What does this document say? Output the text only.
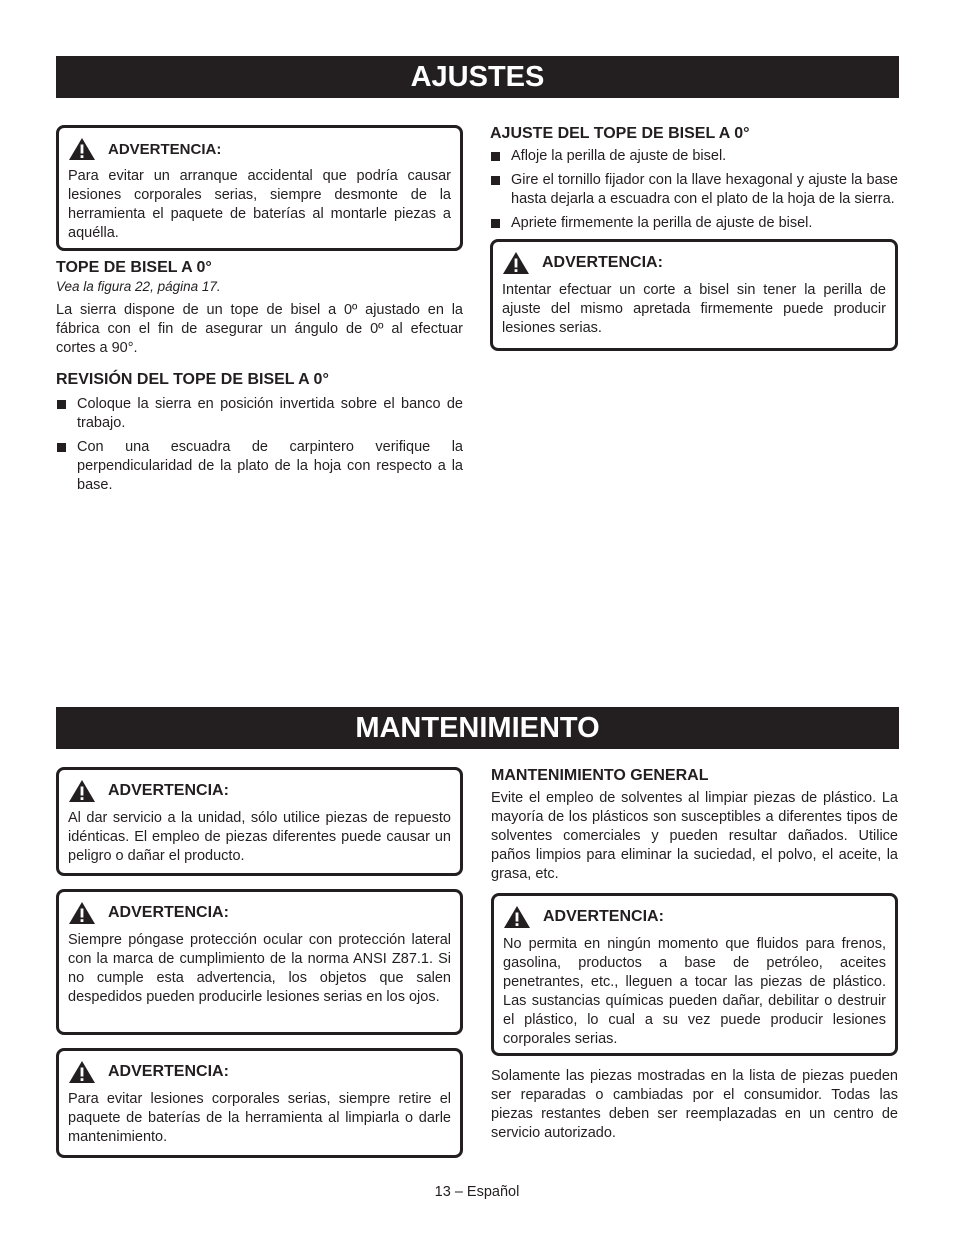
AJUSTES
ADVERTENCIA:

Para evitar un arranque accidental que podría causar lesiones corporales serias, siempre desmonte de la herramienta el paquete de baterías al montarle piezas a aquélla.

TOPE DE BISEL A 0°

Vea la figura 22, página 17.

La sierra dispone de un tope de bisel a 0º ajustado en la fábrica con el fin de asegurar un ángulo de 0º al efectuar cortes a 90°.

REVISIÓN DEL TOPE DE BISEL A 0°
Coloque la sierra en posición invertida sobre el banco de trabajo.
Con una escuadra de carpintero verifique la perpendicularidad de la plato de la hoja con respecto a la base.
AJUSTE DEL TOPE DE BISEL A 0°
Afloje la perilla de ajuste de bisel.
Gire el tornillo fijador con la llave hexagonal y ajuste la base hasta dejarla a escuadra con el plato de la hoja de la sierra.
Apriete firmemente la perilla de ajuste de bisel.
ADVERTENCIA:

Intentar efectuar un corte a bisel sin tener la perilla de ajuste del mismo apretada firmemente puede producir lesiones serias.

MANTENIMIENTO
ADVERTENCIA:

Al dar servicio a la unidad, sólo utilice piezas de repuesto idénticas. El empleo de piezas diferentes puede causar un peligro o dañar el producto.

ADVERTENCIA:

Siempre póngase protección ocular con protección lateral con la marca de cumplimiento de la norma ANSI Z87.1. Si no cumple esta advertencia, los objetos que salen despedidos pueden producirle lesiones serias en los ojos.

ADVERTENCIA:

Para evitar lesiones corporales serias, siempre retire el paquete de baterías de la herramienta al limpiarla o darle mantenimiento.

MANTENIMIENTO GENERAL

Evite el empleo de solventes al limpiar piezas de plástico. La mayoría de los plásticos son susceptibles a diferentes tipos de solventes comerciales y pueden resultar dañados. Utilice paños limpios para eliminar la suciedad, el polvo, el aceite, la grasa, etc.

ADVERTENCIA:

No permita en ningún momento que fluidos para frenos, gasolina, productos a base de petróleo, aceites penetrantes, etc., lleguen a tocar las piezas de plástico. Las sustancias químicas pueden dañar, debilitar o destruir el plástico, lo cual a su vez puede producir lesiones corporales serias.

Solamente las piezas mostradas en la lista de piezas pueden ser reparadas o cambiadas por el consumidor. Todas las piezas restantes deben ser reemplazadas en un centro de servicio autorizado.

13 – Español
